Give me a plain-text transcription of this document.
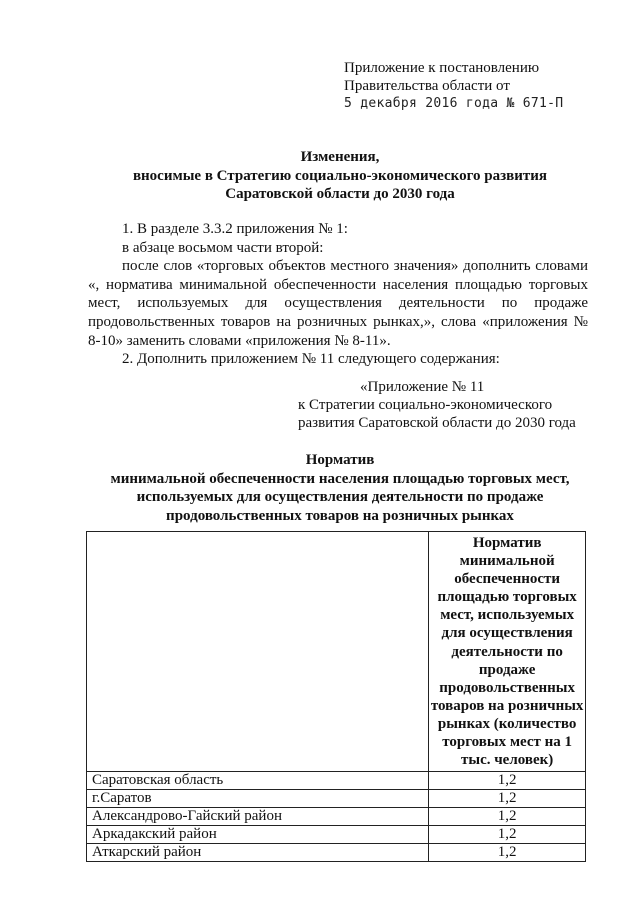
Приложение к постановлению
Правительства области от
5 декабря 2016 года № 671-П
Изменения,
вносимые в Стратегию социально-экономического развития
Саратовской области до 2030 года

1. В разделе 3.3.2 приложения № 1:

в абзаце восьмом части второй:

после слов «торговых объектов местного значения» дополнить словами «, норматива минимальной обеспеченности населения площадью торговых мест, используемых для осуществления деятельности по продаже продовольственных товаров на розничных рынках,», слова «приложения № 8-10» заменить словами «приложения № 8-11».

2. Дополнить приложением № 11 следующего содержания:

«Приложение № 11
к Стратегии социально-экономического
развития Саратовской области до 2030 года
Норматив
минимальной обеспеченности населения площадью торговых мест,
используемых для осуществления деятельности по продаже
продовольственных товаров на розничных рынках
	Норматив минимальной обеспеченности площадью торговых мест, используемых для осуществления деятельности по продаже продовольственных товаров на розничных рынках (количество торговых мест на 1 тыс. человек)
Саратовская область	1,2
г.Саратов	1,2
Александрово-Гайский район	1,2
Аркадакский район	1,2
Аткарский район	1,2
